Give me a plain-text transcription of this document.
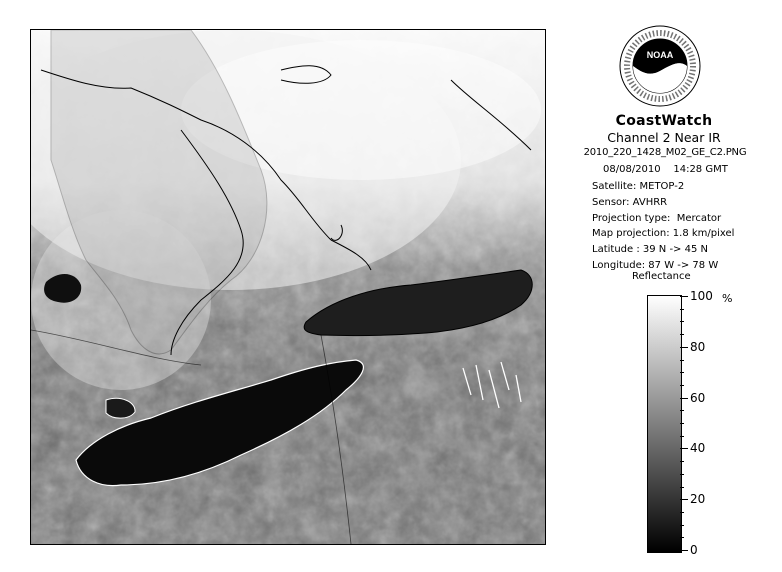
NOAA
CoastWatch
Channel 2 Near IR
2010_220_1428_M02_GE_C2.PNG
08/08/2010    14:28 GMT
Satellite: METOP-2
Sensor: AVHRR
Projection type:  Mercator
Map projection: 1.8 km/pixel
Latitude : 39 N -> 45 N
Longitude: 87 W -> 78 W
Reflectance
%
100
80
60
40
20
0
